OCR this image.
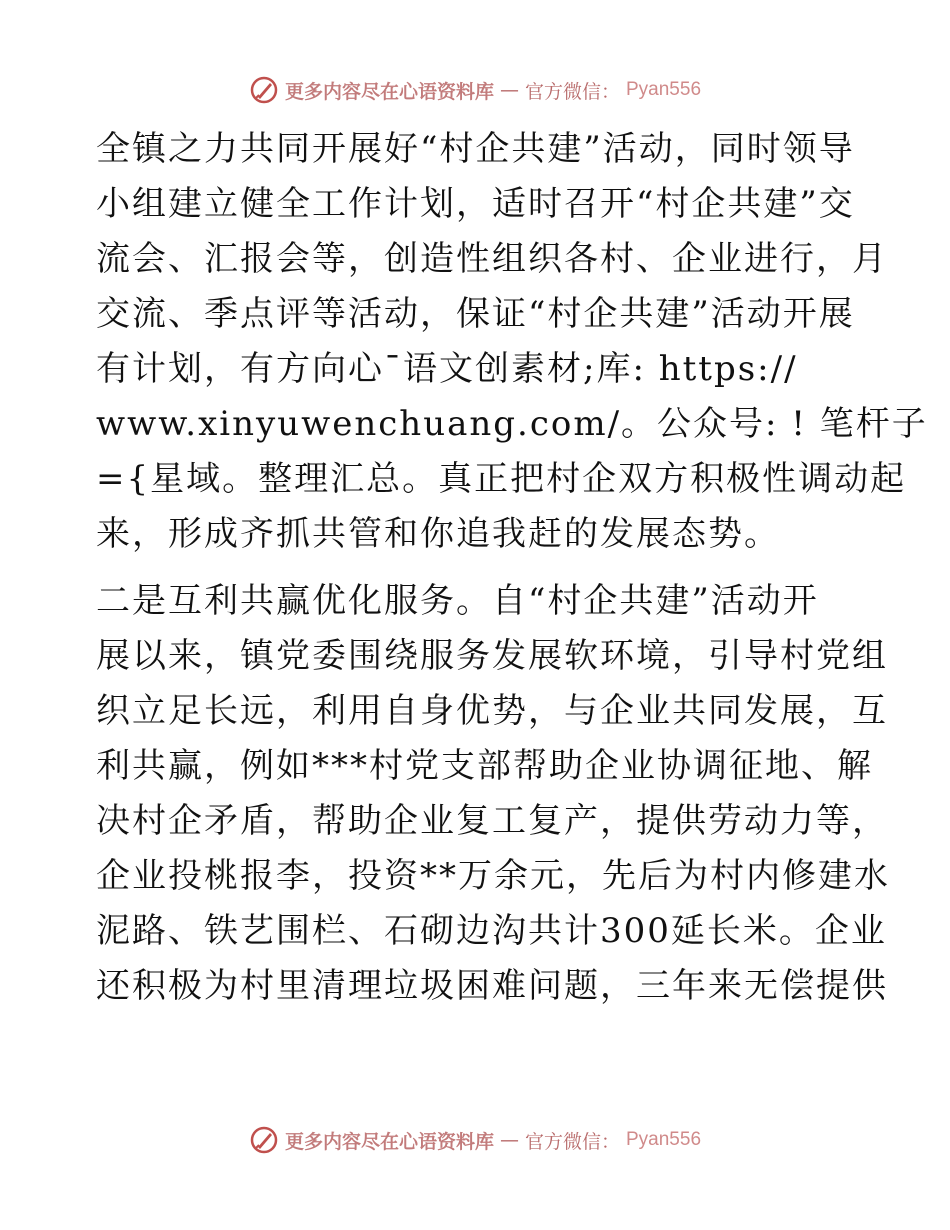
更多内容尽在心语资料库 — 官方微信： Pyan556

全镇之力共同开展好“村企共建”活动，同时领导
小组建立健全工作计划，适时召开“村企共建”交
流会、汇报会等，创造性组织各村、企业进行，月
交流、季点评等活动，保证“村企共建”活动开展
有计划，有方向心¯语文创素材;库: https://
www.xinyuwenchuang.com/。公众号: ! 笔杆子
={星域。整理汇总。真正把村企双方积极性调动起
来，形成齐抓共管和你追我赶的发展态势。

二是互利共赢优化服务。自“村企共建”活动开
展以来，镇党委围绕服务发展软环境，引导村党组
织立足长远，利用自身优势，与企业共同发展，互
利共赢，例如***村党支部帮助企业协调征地、解
决村企矛盾，帮助企业复工复产，提供劳动力等，
企业投桃报李，投资**万余元，先后为村内修建水
泥路、铁艺围栏、石砌边沟共计300延长米。企业
还积极为村里清理垃圾困难问题，三年来无偿提供

更多内容尽在心语资料库 — 官方微信： Pyan556
